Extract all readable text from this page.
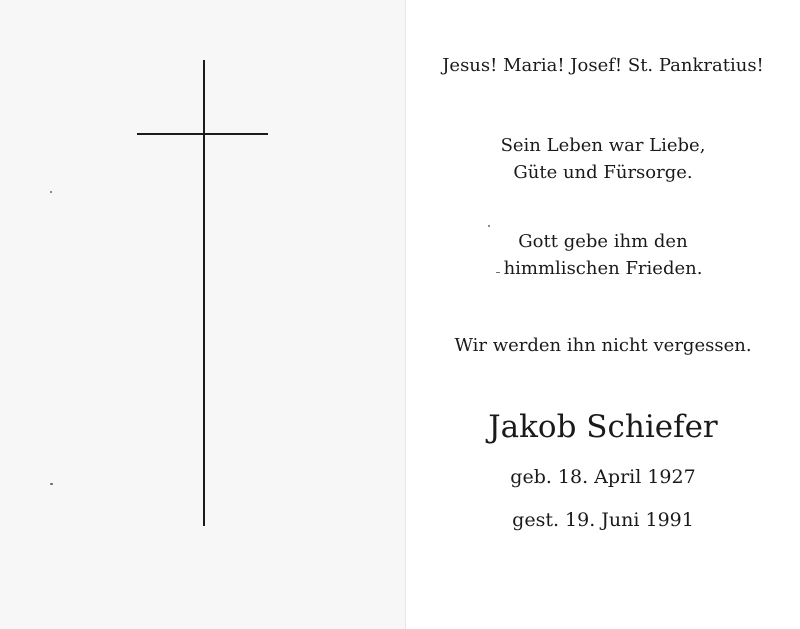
Jesus! Maria! Josef! St. Pankratius!
Sein Leben war Liebe,
Güte und Fürsorge.
Gott gebe ihm den
himmlischen Frieden.
Wir werden ihn nicht vergessen.
Jakob Schiefer
geb. 18. April 1927
gest. 19. Juni 1991
